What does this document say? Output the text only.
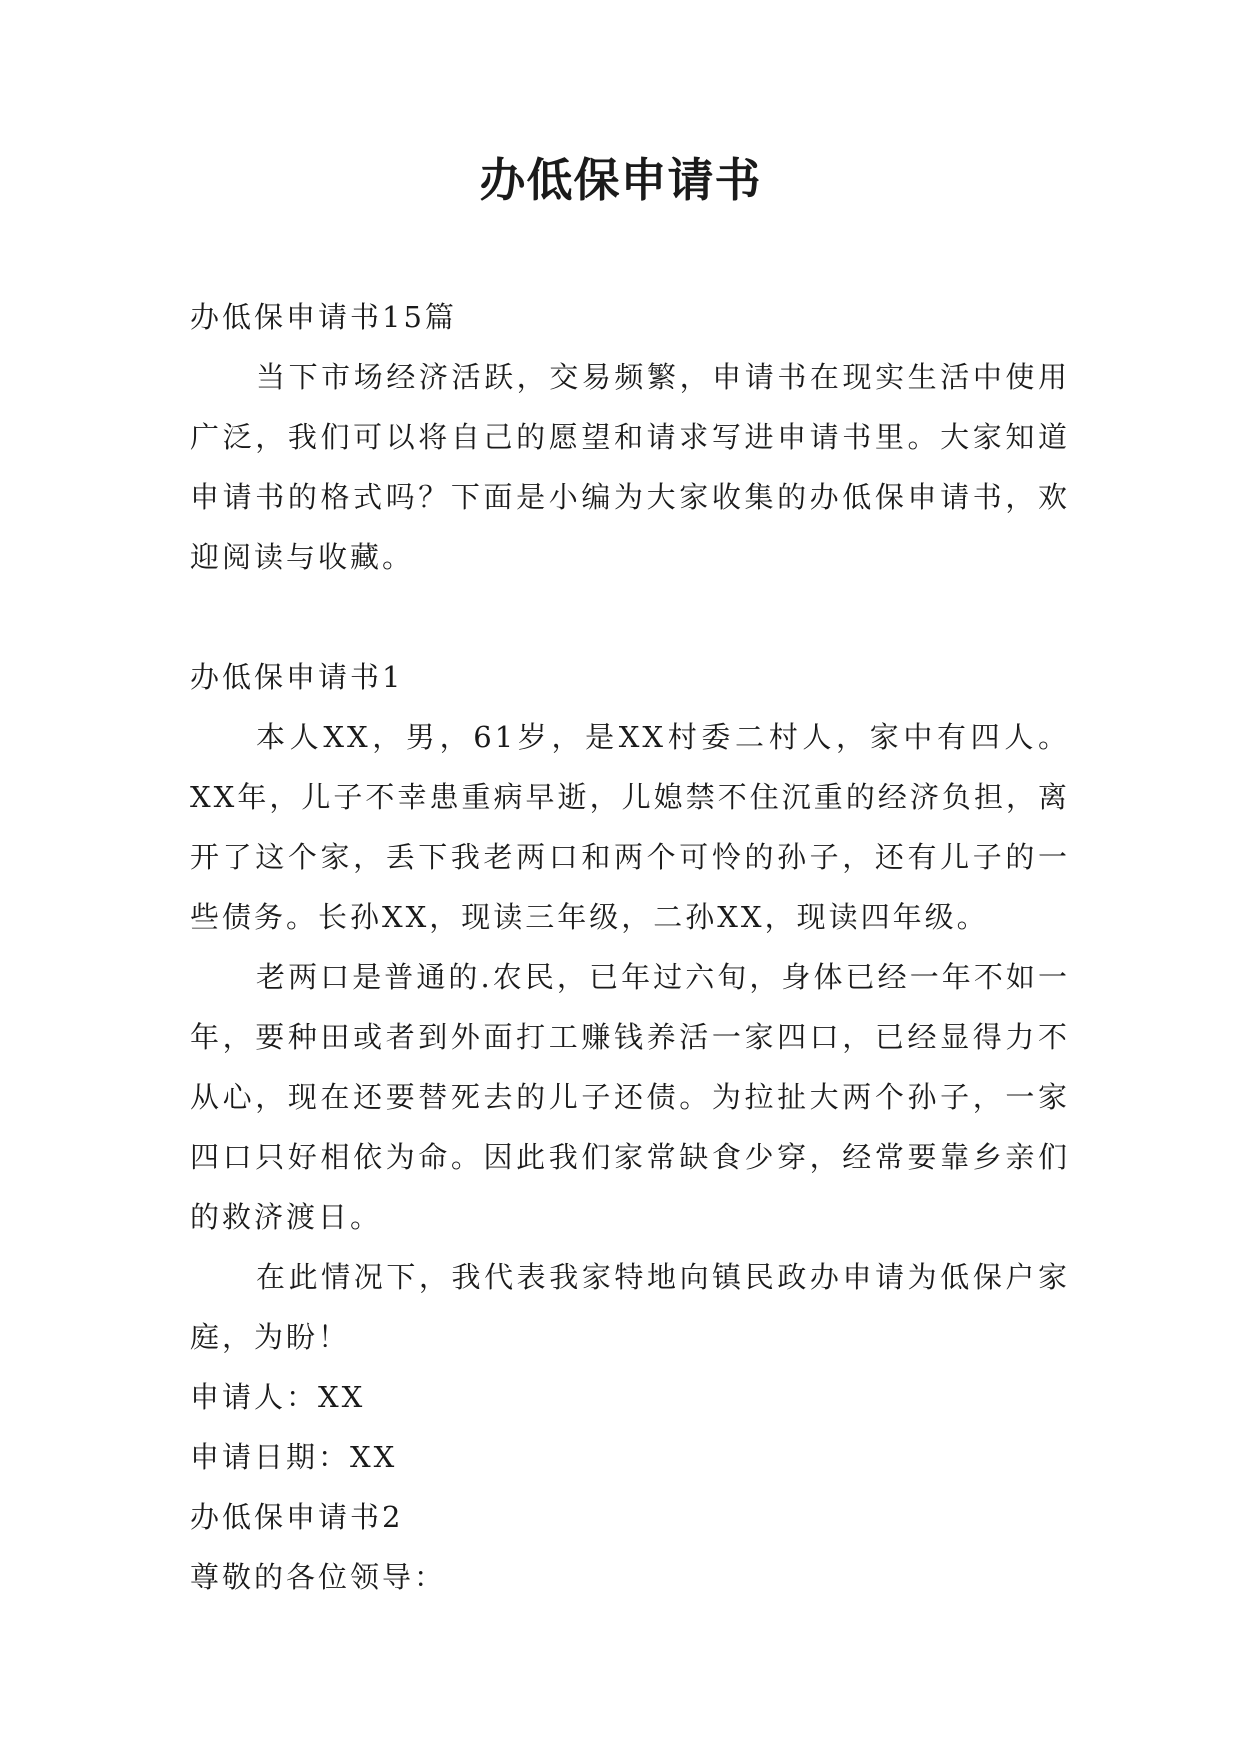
办低保申请书

办低保申请书15篇

当下市场经济活跃，交易频繁，申请书在现实生活中使用广泛，我们可以将自己的愿望和请求写进申请书里。大家知道申请书的格式吗？下面是小编为大家收集的办低保申请书，欢迎阅读与收藏。

办低保申请书1

本人XX，男，61岁，是XX村委二村人，家中有四人。XX年，儿子不幸患重病早逝，儿媳禁不住沉重的经济负担，离开了这个家，丢下我老两口和两个可怜的孙子，还有儿子的一些债务。长孙XX，现读三年级，二孙XX，现读四年级。

老两口是普通的.农民，已年过六旬，身体已经一年不如一年，要种田或者到外面打工赚钱养活一家四口，已经显得力不从心，现在还要替死去的儿子还债。为拉扯大两个孙子，一家四口只好相依为命。因此我们家常缺食少穿，经常要靠乡亲们的救济渡日。

在此情况下，我代表我家特地向镇民政办申请为低保户家庭，为盼！

申请人：XX

申请日期：XX

办低保申请书2

尊敬的各位领导：
